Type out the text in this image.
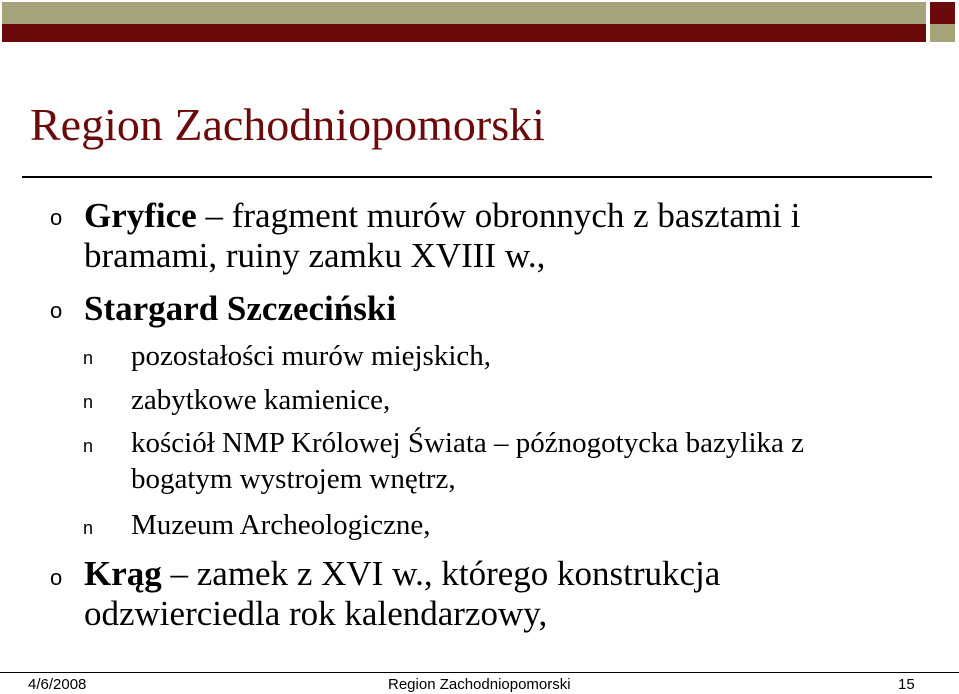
Region Zachodniopomorski
o Gryfice – fragment murów obronnych z basztami i
bramami, ruiny zamku XVIII w.,
o Stargard Szczeciński
n pozostałości murów miejskich,
n zabytkowe kamienice,
n kościół NMP Królowej Świata – późnogotycka bazylika z
bogatym wystrojem wnętrz,
n Muzeum Archeologiczne,
o Krąg – zamek z XVI w., którego konstrukcja
odzwierciedla rok kalendarzowy,
4/6/2008	Region Zachodniopomorski	15
